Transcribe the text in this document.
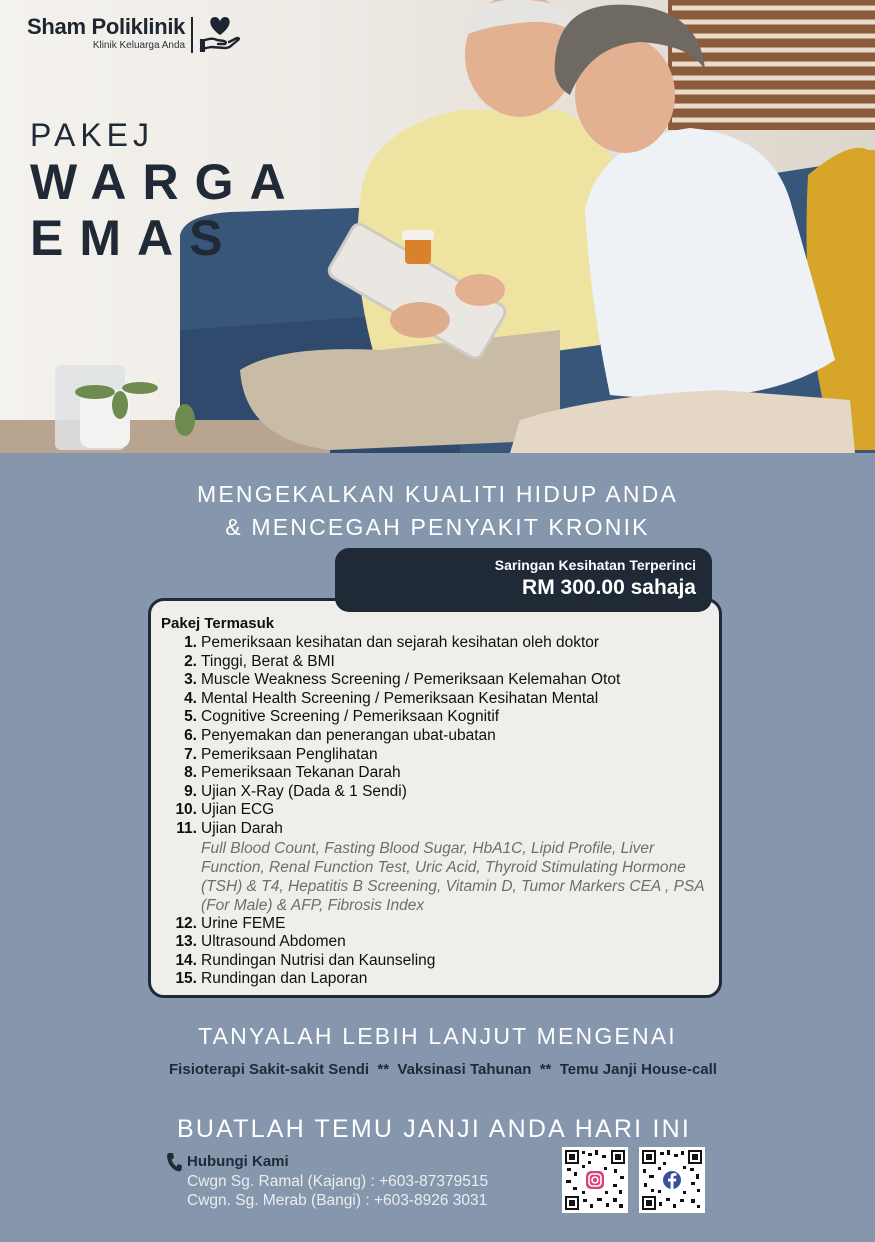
Sham Poliklinik
Klinik Keluarga Anda
PAKEJ
WARGA
EMAS
MENGEKALKAN KUALITI HIDUP ANDA
& MENCEGAH PENYAKIT KRONIK
Saringan Kesihatan Terperinci
RM 300.00 sahaja
Pakej Termasuk
1. Pemeriksaan kesihatan dan sejarah kesihatan oleh doktor
2. Tinggi, Berat & BMI
3. Muscle Weakness Screening / Pemeriksaan Kelemahan Otot
4. Mental Health Screening / Pemeriksaan Kesihatan Mental
5. Cognitive Screening / Pemeriksaan Kognitif
6. Penyemakan dan penerangan ubat-ubatan
7. Pemeriksaan Penglihatan
8. Pemeriksaan Tekanan Darah
9. Ujian X-Ray (Dada & 1 Sendi)
10. Ujian ECG
11. Ujian Darah
Full Blood Count, Fasting Blood Sugar, HbA1C, Lipid Profile, Liver
Function, Renal Function Test, Uric Acid, Thyroid Stimulating Hormone
(TSH) & T4, Hepatitis B Screening, Vitamin D, Tumor Markers CEA , PSA
(For Male) & AFP, Fibrosis Index
12. Urine FEME
13. Ultrasound Abdomen
14. Rundingan Nutrisi dan Kaunseling
15. Rundingan dan Laporan
TANYALAH LEBIH LANJUT MENGENAI
Fisioterapi Sakit-sakit Sendi  **  Vaksinasi Tahunan  **  Temu Janji House-call
BUATLAH TEMU JANJI ANDA HARI INI
Hubungi Kami
Cwgn Sg. Ramal (Kajang) : +603-87379515
Cwgn. Sg. Merab (Bangi) : +603-8926 3031
